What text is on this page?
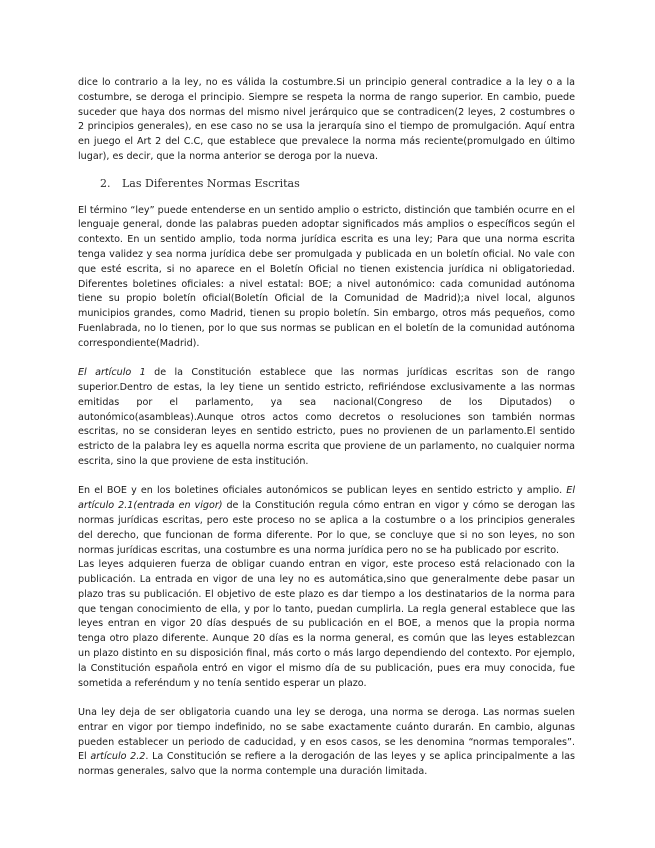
dice lo contrario a la ley, no es válida la costumbre.Si un principio general contradice a la ley o a la costumbre, se deroga el principio. Siempre se respeta la norma de rango superior. En cambio, puede suceder que haya dos normas del mismo nivel jerárquico que se contradicen(2 leyes, 2 costumbres o 2 principios generales), en ese caso no se usa la jerarquía sino el tiempo de promulgación. Aquí entra en juego el Art 2 del C.C, que establece que prevalece la norma más reciente(promulgado en último lugar), es decir, que la norma anterior se deroga por la nueva.

2. Las Diferentes Normas Escritas

El término “ley” puede entenderse en un sentido amplio o estricto, distinción que también ocurre en el lenguaje general, donde las palabras pueden adoptar significados más amplios o específicos según el contexto. En un sentido amplio, toda norma jurídica escrita es una ley; Para que una norma escrita tenga validez y sea norma jurídica debe ser promulgada y publicada en un boletín oficial. No vale con que esté escrita, si no aparece en el Boletín Oficial no tienen existencia jurídica ni obligatoriedad. Diferentes boletines oficiales: a nivel estatal: BOE; a nivel autonómico: cada comunidad autónoma tiene su propio boletín oficial(Boletín Oficial de la Comunidad de Madrid);a nivel local, algunos municipios grandes, como Madrid, tienen su propio boletín. Sin embargo, otros más pequeños, como Fuenlabrada, no lo tienen, por lo que sus normas se publican en el boletín de la comunidad autónoma correspondiente(Madrid).

El artículo 1 de la Constitución establece que las normas jurídicas escritas son de rango superior.Dentro de estas, la ley tiene un sentido estricto, refiriéndose exclusivamente a las normas emitidas por el parlamento, ya sea nacional(Congreso de los Diputados) o autonómico(asambleas).Aunque otros actos como decretos o resoluciones son también normas escritas, no se consideran leyes en sentido estricto, pues no provienen de un parlamento.El sentido estricto de la palabra ley es aquella norma escrita que proviene de un parlamento, no cualquier norma escrita, sino la que proviene de esta institución.

En el BOE y en los boletines oficiales autonómicos se publican leyes en sentido estricto y amplio. El artículo 2.1(entrada en vigor) de la Constitución regula cómo entran en vigor y cómo se derogan las normas jurídicas escritas, pero este proceso no se aplica a la costumbre o a los principios generales del derecho, que funcionan de forma diferente. Por lo que, se concluye que si no son leyes, no son normas jurídicas escritas, una costumbre es una norma jurídica pero no se ha publicado por escrito.

Las leyes adquieren fuerza de obligar cuando entran en vigor, este proceso está relacionado con la publicación. La entrada en vigor de una ley no es automática,sino que generalmente debe pasar un plazo tras su publicación. El objetivo de este plazo es dar tiempo a los destinatarios de la norma para que tengan conocimiento de ella, y por lo tanto, puedan cumplirla. La regla general establece que las leyes entran en vigor 20 días después de su publicación en el BOE, a menos que la propia norma tenga otro plazo diferente. Aunque 20 días es la norma general, es común que las leyes establezcan un plazo distinto en su disposición final, más corto o más largo dependiendo del contexto. Por ejemplo, la Constitución española entró en vigor el mismo día de su publicación, pues era muy conocida, fue sometida a referéndum y no tenía sentido esperar un plazo.

Una ley deja de ser obligatoria cuando una ley se deroga, una norma se deroga. Las normas suelen entrar en vigor por tiempo indefinido, no se sabe exactamente cuánto durarán. En cambio, algunas pueden establecer un periodo de caducidad, y en esos casos, se les denomina “normas temporales”. El artículo 2.2. La Constitución se refiere a la derogación de las leyes y se aplica principalmente a las normas generales, salvo que la norma contemple una duración limitada.
